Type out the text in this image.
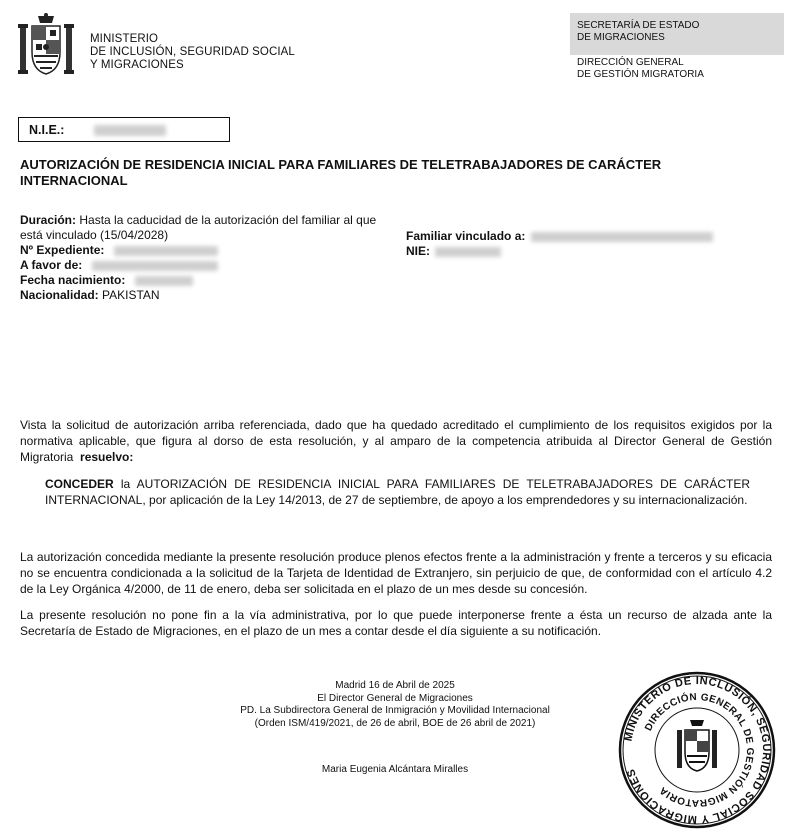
MINISTERIO
DE INCLUSIÓN, SEGURIDAD SOCIAL
Y MIGRACIONES
SECRETARÍA DE ESTADO
DE MIGRACIONES
DIRECCIÓN GENERAL
DE GESTIÓN MIGRATORIA
N.I.E.:
AUTORIZACIÓN DE RESIDENCIA INICIAL PARA FAMILIARES DE TELETRABAJADORES DE CARÁCTER INTERNACIONAL
Duración: Hasta la caducidad de la autorización del familiar al que está vinculado (15/04/2028)
Nº Expediente:
A favor de:
Fecha nacimiento:
Nacionalidad: PAKISTAN
Familiar vinculado a:
NIE:
Vista la solicitud de autorización arriba referenciada, dado que ha quedado acreditado el cumplimiento de los requisitos exigidos por la normativa aplicable, que figura al dorso de esta resolución, y al amparo de la competencia atribuida al Director General de Gestión Migratoria resuelvo:
CONCEDER la AUTORIZACIÓN DE RESIDENCIA INICIAL PARA FAMILIARES DE TELETRABAJADORES DE CARÁCTER INTERNACIONAL, por aplicación de la Ley 14/2013, de 27 de septiembre, de apoyo a los emprendedores y su internacionalización.
La autorización concedida mediante la presente resolución produce plenos efectos frente a la administración y frente a terceros y su eficacia no se encuentra condicionada a la solicitud de la Tarjeta de Identidad de Extranjero, sin perjuicio de que, de conformidad con el artículo 4.2 de la Ley Orgánica 4/2000, de 11 de enero, deba ser solicitada en el plazo de un mes desde su concesión.
La presente resolución no pone fin a la vía administrativa, por lo que puede interponerse frente a ésta un recurso de alzada ante la Secretaría de Estado de Migraciones, en el plazo de un mes a contar desde el día siguiente a su notificación.
Madrid 16 de Abril de 2025
El Director General de Migraciones
PD. La Subdirectora General de Inmigración y Movilidad Internacional
(Orden ISM/419/2021, de 26 de abril, BOE de 26 abril de 2021)
Maria Eugenia Alcántara Miralles
MINISTERIO DE INCLUSIÓN, SEGURIDAD SOCIAL Y MIGRACIONES
DIRECCIÓN GENERAL DE GESTIÓN MIGRATORIA
